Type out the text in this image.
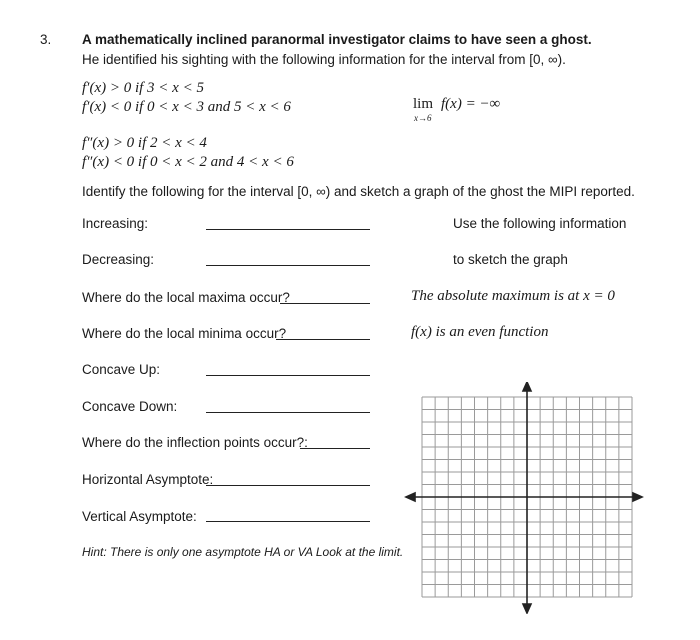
3. A mathematically inclined paranormal investigator claims to have seen a ghost.
He identified his sighting with the following information for the interval from [0, ∞).
f′(x) > 0 if 3 < x < 5
f′(x) < 0 if 0 < x < 3 and 5 < x < 6	lim
x→6
f(x) = −∞
f″(x) > 0 if 2 < x < 4
f″(x) < 0 if 0 < x < 2 and 4 < x < 6
Identify the following for the interval [0, ∞) and sketch a graph of the ghost the MIPI reported.
Increasing:
Decreasing:
Where do the local maxima occur?
Where do the local minima occur?
Concave Up:
Concave Down:
Where do the inflection points occur?:
Horizontal Asymptote:
Vertical Asymptote:
Hint: There is only one asymptote HA or VA Look at the limit.
Use the following information
to sketch the graph
The absolute maximum is at x = 0
f(x) is an even function
